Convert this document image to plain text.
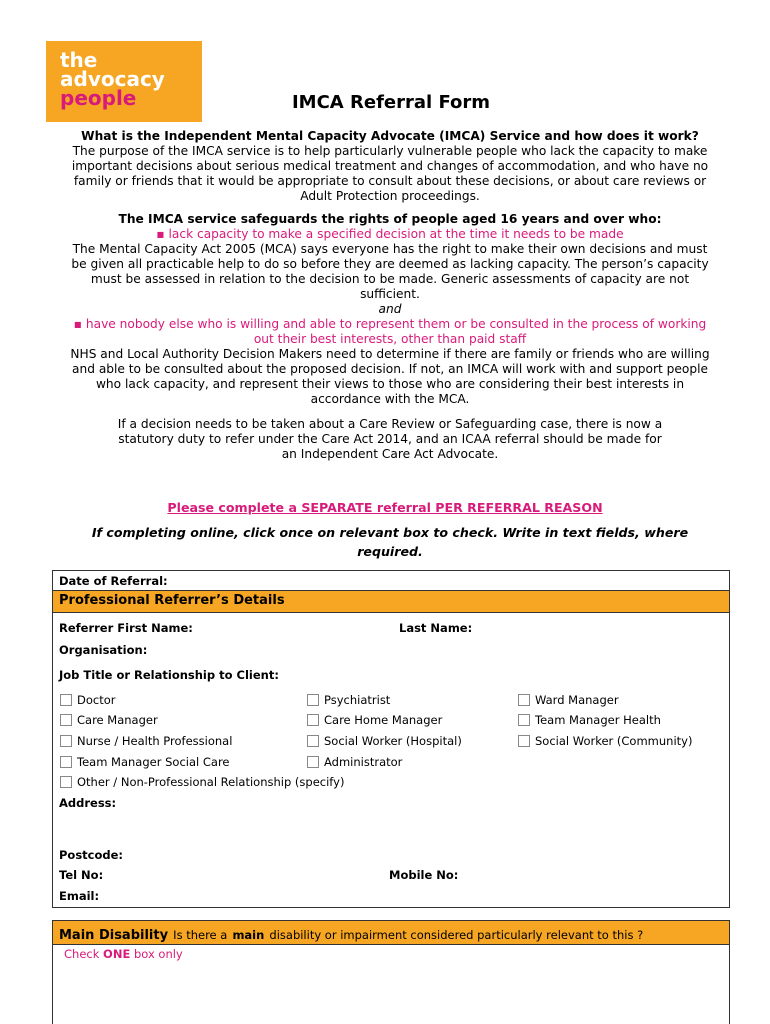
the
advocacy
people	IMCA Referral Form
What is the Independent Mental Capacity Advocate (IMCA) Service and how does it work?
The purpose of the IMCA service is to help particularly vulnerable people who lack the capacity to make important decisions about serious medical treatment and changes of accommodation, and who have no family or friends that it would be appropriate to consult about these decisions, or about care reviews or Adult Protection proceedings.
The IMCA service safeguards the rights of people aged 16 years and over who:
▪ lack capacity to make a specified decision at the time it needs to be made
The Mental Capacity Act 2005 (MCA) says everyone has the right to make their own decisions and must be given all practicable help to do so before they are deemed as lacking capacity. The person’s capacity must be assessed in relation to the decision to be made. Generic assessments of capacity are not sufficient.
and
▪ have nobody else who is willing and able to represent them or be consulted in the process of working out their best interests, other than paid staff
NHS and Local Authority Decision Makers need to determine if there are family or friends who are willing and able to be consulted about the proposed decision. If not, an IMCA will work with and support people who lack capacity, and represent their views to those who are considering their best interests in accordance with the MCA.
If a decision needs to be taken about a Care Review or Safeguarding case, there is now a statutory duty to refer under the Care Act 2014, and an ICAA referral should be made for an Independent Care Act Advocate.
Please complete a SEPARATE referral PER REFERRAL REASON
If completing online, click once on relevant box to check. Write in text fields, where required.
Date of Referral:
Professional Referrer’s Details
Referrer First Name:	Last Name:
Organisation:
Job Title or Relationship to Client:
Doctor	Psychiatrist	Ward Manager
Care Manager	Care Home Manager	Team Manager Health
Nurse / Health Professional	Social Worker (Hospital)	Social Worker (Community)
Team Manager Social Care	Administrator
Other / Non-Professional Relationship (specify)
Address:
Postcode:
Tel No:	Mobile No:
Email:
Main Disability Is there a main disability or impairment considered particularly relevant to this ?
Check ONE box only
